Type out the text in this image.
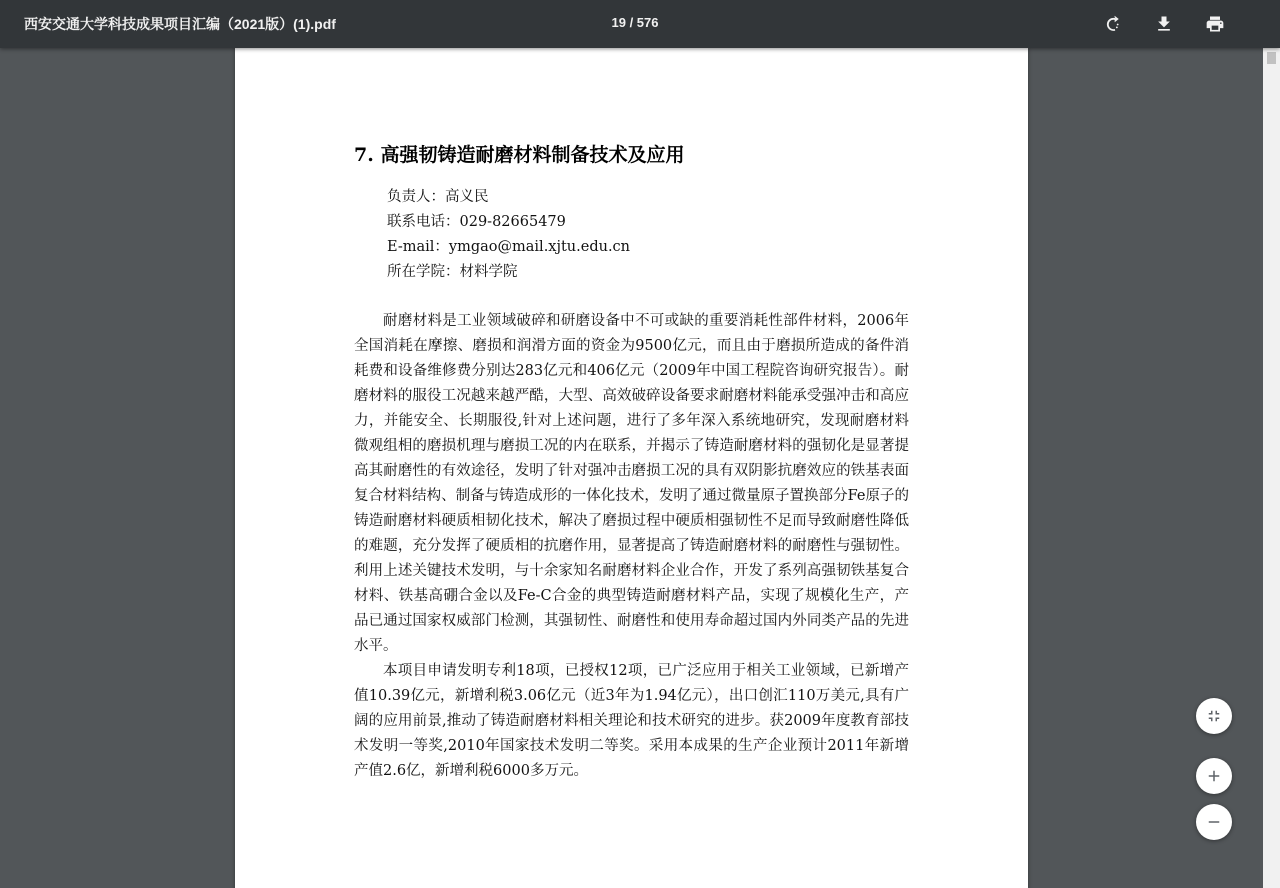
西安交通大学科技成果项目汇编（2021版）(1).pdf	19 / 576
7. 高强韧铸造耐磨材料制备技术及应用
负责人：高义民
联系电话：029-82665479
E-mail：ymgao@mail.xjtu.edu.cn
所在学院：材料学院

耐磨材料是工业领域破碎和研磨设备中不可或缺的重要消耗性部件材料，2006年全国消耗在摩擦、磨损和润滑方面的资金为9500亿元，而且由于磨损所造成的备件消耗费和设备维修费分别达283亿元和406亿元（2009年中国工程院咨询研究报告）。耐磨材料的服役工况越来越严酷，大型、高效破碎设备要求耐磨材料能承受强冲击和高应力，并能安全、长期服役,针对上述问题，进行了多年深入系统地研究，发现耐磨材料微观组相的磨损机理与磨损工况的内在联系，并揭示了铸造耐磨材料的强韧化是显著提高其耐磨性的有效途径，发明了针对强冲击磨损工况的具有双阴影抗磨效应的铁基表面复合材料结构、制备与铸造成形的一体化技术，发明了通过微量原子置换部分Fe原子的铸造耐磨材料硬质相韧化技术，解决了磨损过程中硬质相强韧性不足而导致耐磨性降低的难题，充分发挥了硬质相的抗磨作用，显著提高了铸造耐磨材料的耐磨性与强韧性。利用上述关键技术发明，与十余家知名耐磨材料企业合作，开发了系列高强韧铁基复合材料、铁基高硼合金以及Fe-C合金的典型铸造耐磨材料产品，实现了规模化生产，产品已通过国家权威部门检测，其强韧性、耐磨性和使用寿命超过国内外同类产品的先进水平。

本项目申请发明专利18项，已授权12项，已广泛应用于相关工业领域，已新增产值10.39亿元，新增利税3.06亿元（近3年为1.94亿元），出口创汇110万美元,具有广阔的应用前景,推动了铸造耐磨材料相关理论和技术研究的进步。获2009年度教育部技术发明一等奖,2010年国家技术发明二等奖。采用本成果的生产企业预计2011年新增产值2.6亿，新增利税6000多万元。
